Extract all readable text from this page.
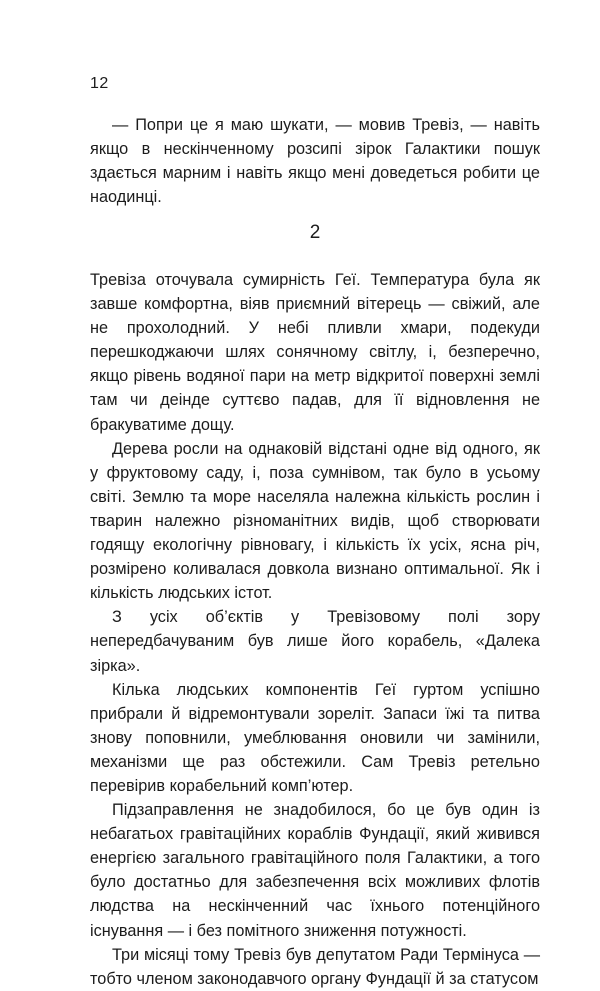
12

— Попри це я маю шукати, — мовив Тревіз, — навіть якщо в нескінченному розсипі зірок Галактики пошук здається марним і навіть якщо мені доведеться робити це наодинці.

2

Тревіза оточувала сумирність Геї. Температура була як завше комфортна, віяв приємний вітерець — свіжий, але не прохолодний. У небі пливли хмари, подекуди перешкоджаючи шлях сонячному світлу, і, безперечно, якщо рівень водяної пари на метр відкритої поверхні землі там чи деінде суттєво падав, для її відновлення не бракуватиме дощу.

Дерева росли на однаковій відстані одне від одного, як у фруктовому саду, і, поза сумнівом, так було в усьому світі. Землю та море населяла належна кількість рослин і тварин належно різноманітних видів, щоб створювати годящу екологічну рівновагу, і кількість їх усіх, ясна річ, розмірено коливалася довкола визнано оптимальної. Як і кількість людських істот.

З усіх об’єктів у Тревізовому полі зору непередбачуваним був лише його корабель, «Далека зірка».

Кілька людських компонентів Геї гуртом успішно прибрали й відремонтували зореліт. Запаси їжі та питва знову поповнили, умеблювання оновили чи замінили, механізми ще раз обстежили. Сам Тревіз ретельно перевірив корабельний комп’ютер.

Підзаправлення не знадобилося, бо це був один із небагатьох гравітаційних кораблів Фундації, який живився енергією загального гравітаційного поля Галактики, а того було достатньо для забезпечення всіх можливих флотів людства на нескінченний час їхнього потенційного існування — і без помітного зниження потужності.

Три місяці тому Тревіз був депутатом Ради Термінуса — тобто членом законодавчого органу Фундації й за статусом
